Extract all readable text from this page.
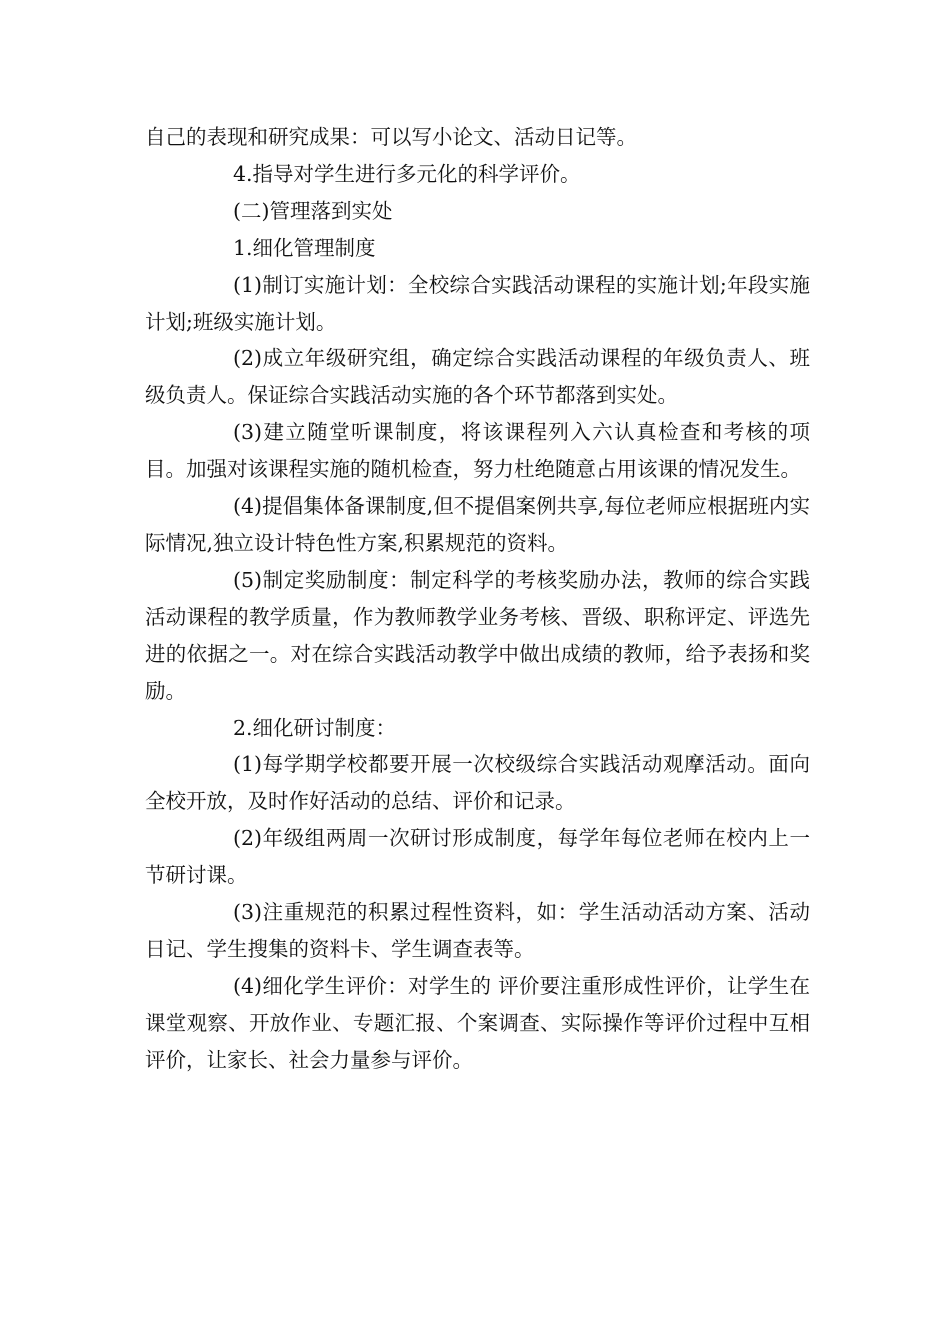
自己的表现和研究成果：可以写小论文、活动日记等。

4.指导对学生进行多元化的科学评价。

(二)管理落到实处

1.细化管理制度

(1)制订实施计划：全校综合实践活动课程的实施计划;年段实施计划;班级实施计划。

(2)成立年级研究组，确定综合实践活动课程的年级负责人、班级负责人。保证综合实践活动实施的各个环节都落到实处。

(3)建立随堂听课制度，将该课程列入六认真检查和考核的项目。加强对该课程实施的随机检查，努力杜绝随意占用该课的情况发生。

(4)提倡集体备课制度,但不提倡案例共享,每位老师应根据班内实际情况,独立设计特色性方案,积累规范的资料。

(5)制定奖励制度：制定科学的考核奖励办法，教师的综合实践活动课程的教学质量，作为教师教学业务考核、晋级、职称评定、评选先进的依据之一。对在综合实践活动教学中做出成绩的教师，给予表扬和奖励。

2.细化研讨制度：

(1)每学期学校都要开展一次校级综合实践活动观摩活动。面向全校开放，及时作好活动的总结、评价和记录。

(2)年级组两周一次研讨形成制度，每学年每位老师在校内上一节研讨课。

(3)注重规范的积累过程性资料，如：学生活动活动方案、活动日记、学生搜集的资料卡、学生调查表等。

(4)细化学生评价：对学生的 评价要注重形成性评价，让学生在课堂观察、开放作业、专题汇报、个案调查、实际操作等评价过程中互相评价，让家长、社会力量参与评价。
